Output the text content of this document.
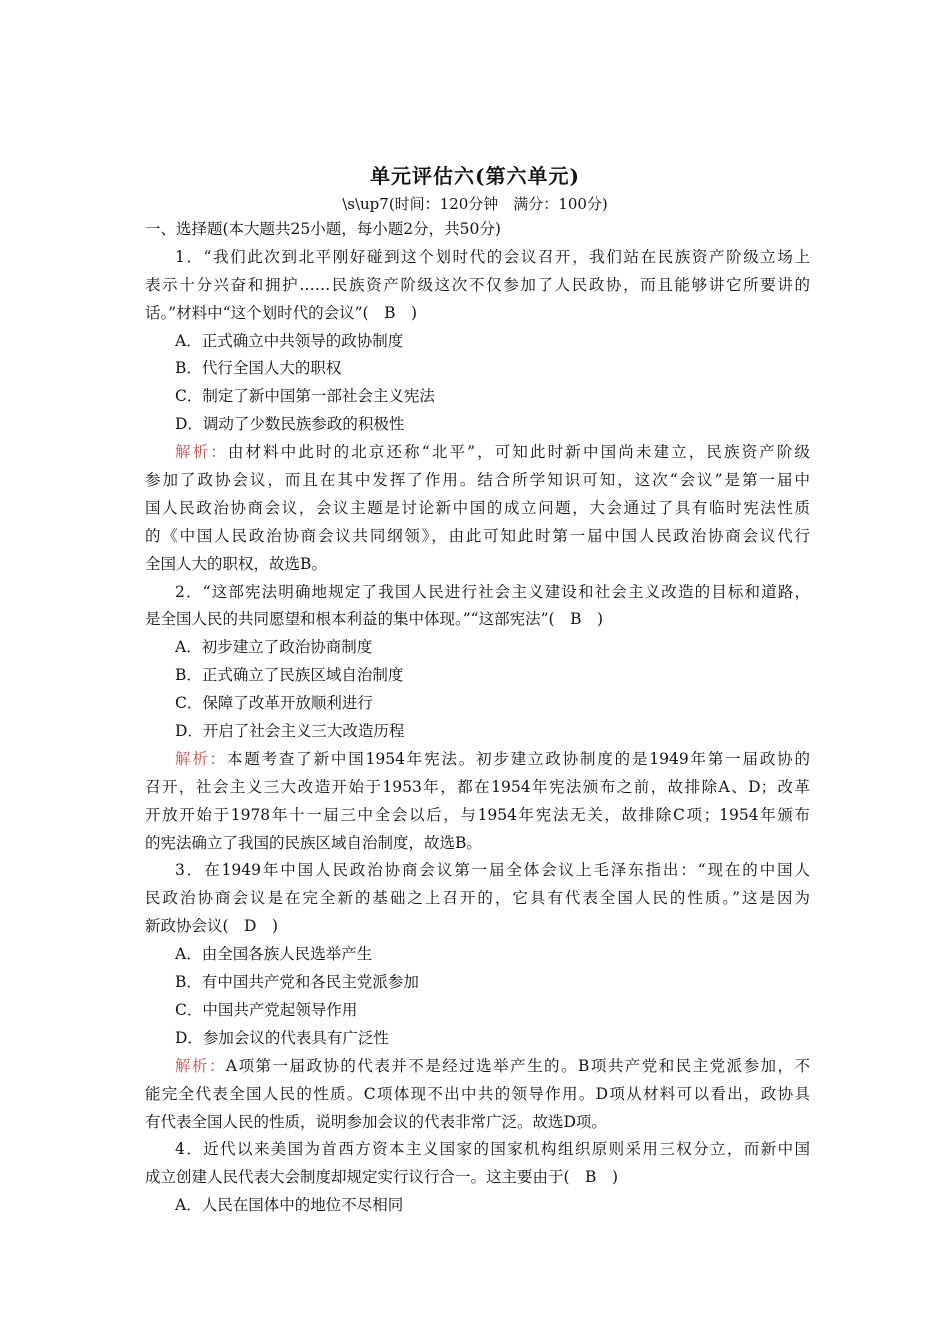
单元评估六(第六单元)
\s\up7(时间：120分钟　满分：100分)
一、选择题(本大题共25小题，每小题2分，共50分)
1．“我们此次到北平刚好碰到这个划时代的会议召开，我们站在民族资产阶级立场上
表示十分兴奋和拥护……民族资产阶级这次不仅参加了人民政协，而且能够讲它所要讲的
话。”材料中“这个划时代的会议”(　B　)
A．正式确立中共领导的政协制度
B．代行全国人大的职权
C．制定了新中国第一部社会主义宪法
D．调动了少数民族参政的积极性
解析：由材料中此时的北京还称“北平”，可知此时新中国尚未建立，民族资产阶级
参加了政协会议，而且在其中发挥了作用。结合所学知识可知，这次“会议”是第一届中
国人民政治协商会议，会议主题是讨论新中国的成立问题，大会通过了具有临时宪法性质
的《中国人民政治协商会议共同纲领》，由此可知此时第一届中国人民政治协商会议代行
全国人大的职权，故选B。
2．“这部宪法明确地规定了我国人民进行社会主义建设和社会主义改造的目标和道路，
是全国人民的共同愿望和根本利益的集中体现。”“这部宪法”(　B　)
A．初步建立了政治协商制度
B．正式确立了民族区域自治制度
C．保障了改革开放顺利进行
D．开启了社会主义三大改造历程
解析：本题考查了新中国1954年宪法。初步建立政协制度的是1949年第一届政协的
召开，社会主义三大改造开始于1953年，都在1954年宪法颁布之前，故排除A、D；改革
开放开始于1978年十一届三中全会以后，与1954年宪法无关，故排除C项；1954年颁布
的宪法确立了我国的民族区域自治制度，故选B。
3．在1949年中国人民政治协商会议第一届全体会议上毛泽东指出：“现在的中国人
民政治协商会议是在完全新的基础之上召开的，它具有代表全国人民的性质。”这是因为
新政协会议(　D　)
A．由全国各族人民选举产生
B．有中国共产党和各民主党派参加
C．中国共产党起领导作用
D．参加会议的代表具有广泛性
解析：A项第一届政协的代表并不是经过选举产生的。B项共产党和民主党派参加，不
能完全代表全国人民的性质。C项体现不出中共的领导作用。D项从材料可以看出，政协具
有代表全国人民的性质，说明参加会议的代表非常广泛。故选D项。
4．近代以来美国为首西方资本主义国家的国家机构组织原则采用三权分立，而新中国
成立创建人民代表大会制度却规定实行议行合一。这主要由于(　B　)
A．人民在国体中的地位不尽相同
